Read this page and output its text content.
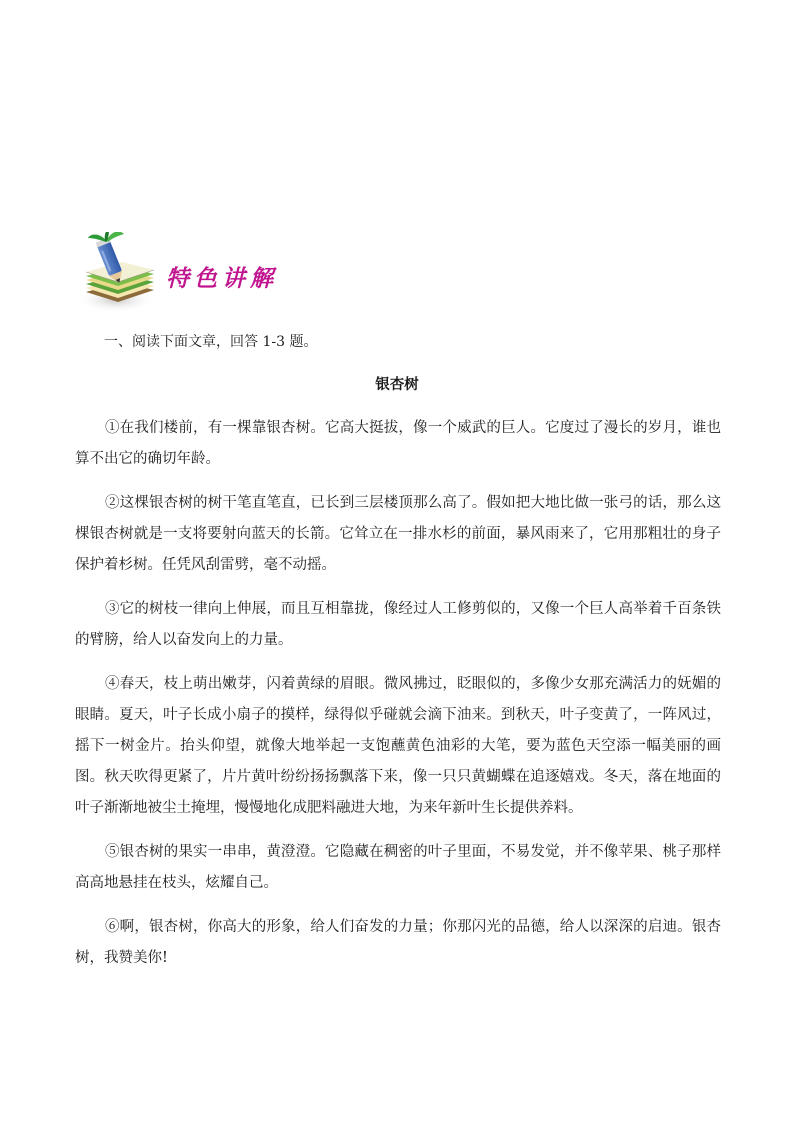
特色讲解
一、阅读下面文章，回答 1-3 题。
银杏树

①在我们楼前，有一棵靠银杏树。它高大挺拔，像一个威武的巨人。它度过了漫长的岁月，谁也算不出它的确切年龄。

②这棵银杏树的树干笔直笔直，已长到三层楼顶那么高了。假如把大地比做一张弓的话，那么这棵银杏树就是一支将要射向蓝天的长箭。它耸立在一排水杉的前面，暴风雨来了，它用那粗壮的身子保护着杉树。任凭风刮雷劈，毫不动摇。

③它的树枝一律向上伸展，而且互相靠拢，像经过人工修剪似的，又像一个巨人高举着千百条铁的臂膀，给人以奋发向上的力量。

④春天，枝上萌出嫩芽，闪着黄绿的眉眼。微风拂过，眨眼似的，多像少女那充满活力的妩媚的眼睛。夏天，叶子长成小扇子的摸样，绿得似乎碰就会滴下油来。到秋天，叶子变黄了，一阵风过，摇下一树金片。抬头仰望，就像大地举起一支饱蘸黄色油彩的大笔，要为蓝色天空添一幅美丽的画图。秋天吹得更紧了，片片黄叶纷纷扬扬飘落下来，像一只只黄蝴蝶在追逐嬉戏。冬天，落在地面的叶子渐渐地被尘土掩埋，慢慢地化成肥料融进大地，为来年新叶生长提供养料。

⑤银杏树的果实一串串，黄澄澄。它隐藏在稠密的叶子里面，不易发觉，并不像苹果、桃子那样高高地悬挂在枝头，炫耀自己。

⑥啊，银杏树，你高大的形象，给人们奋发的力量；你那闪光的品德，给人以深深的启迪。银杏树，我赞美你!
